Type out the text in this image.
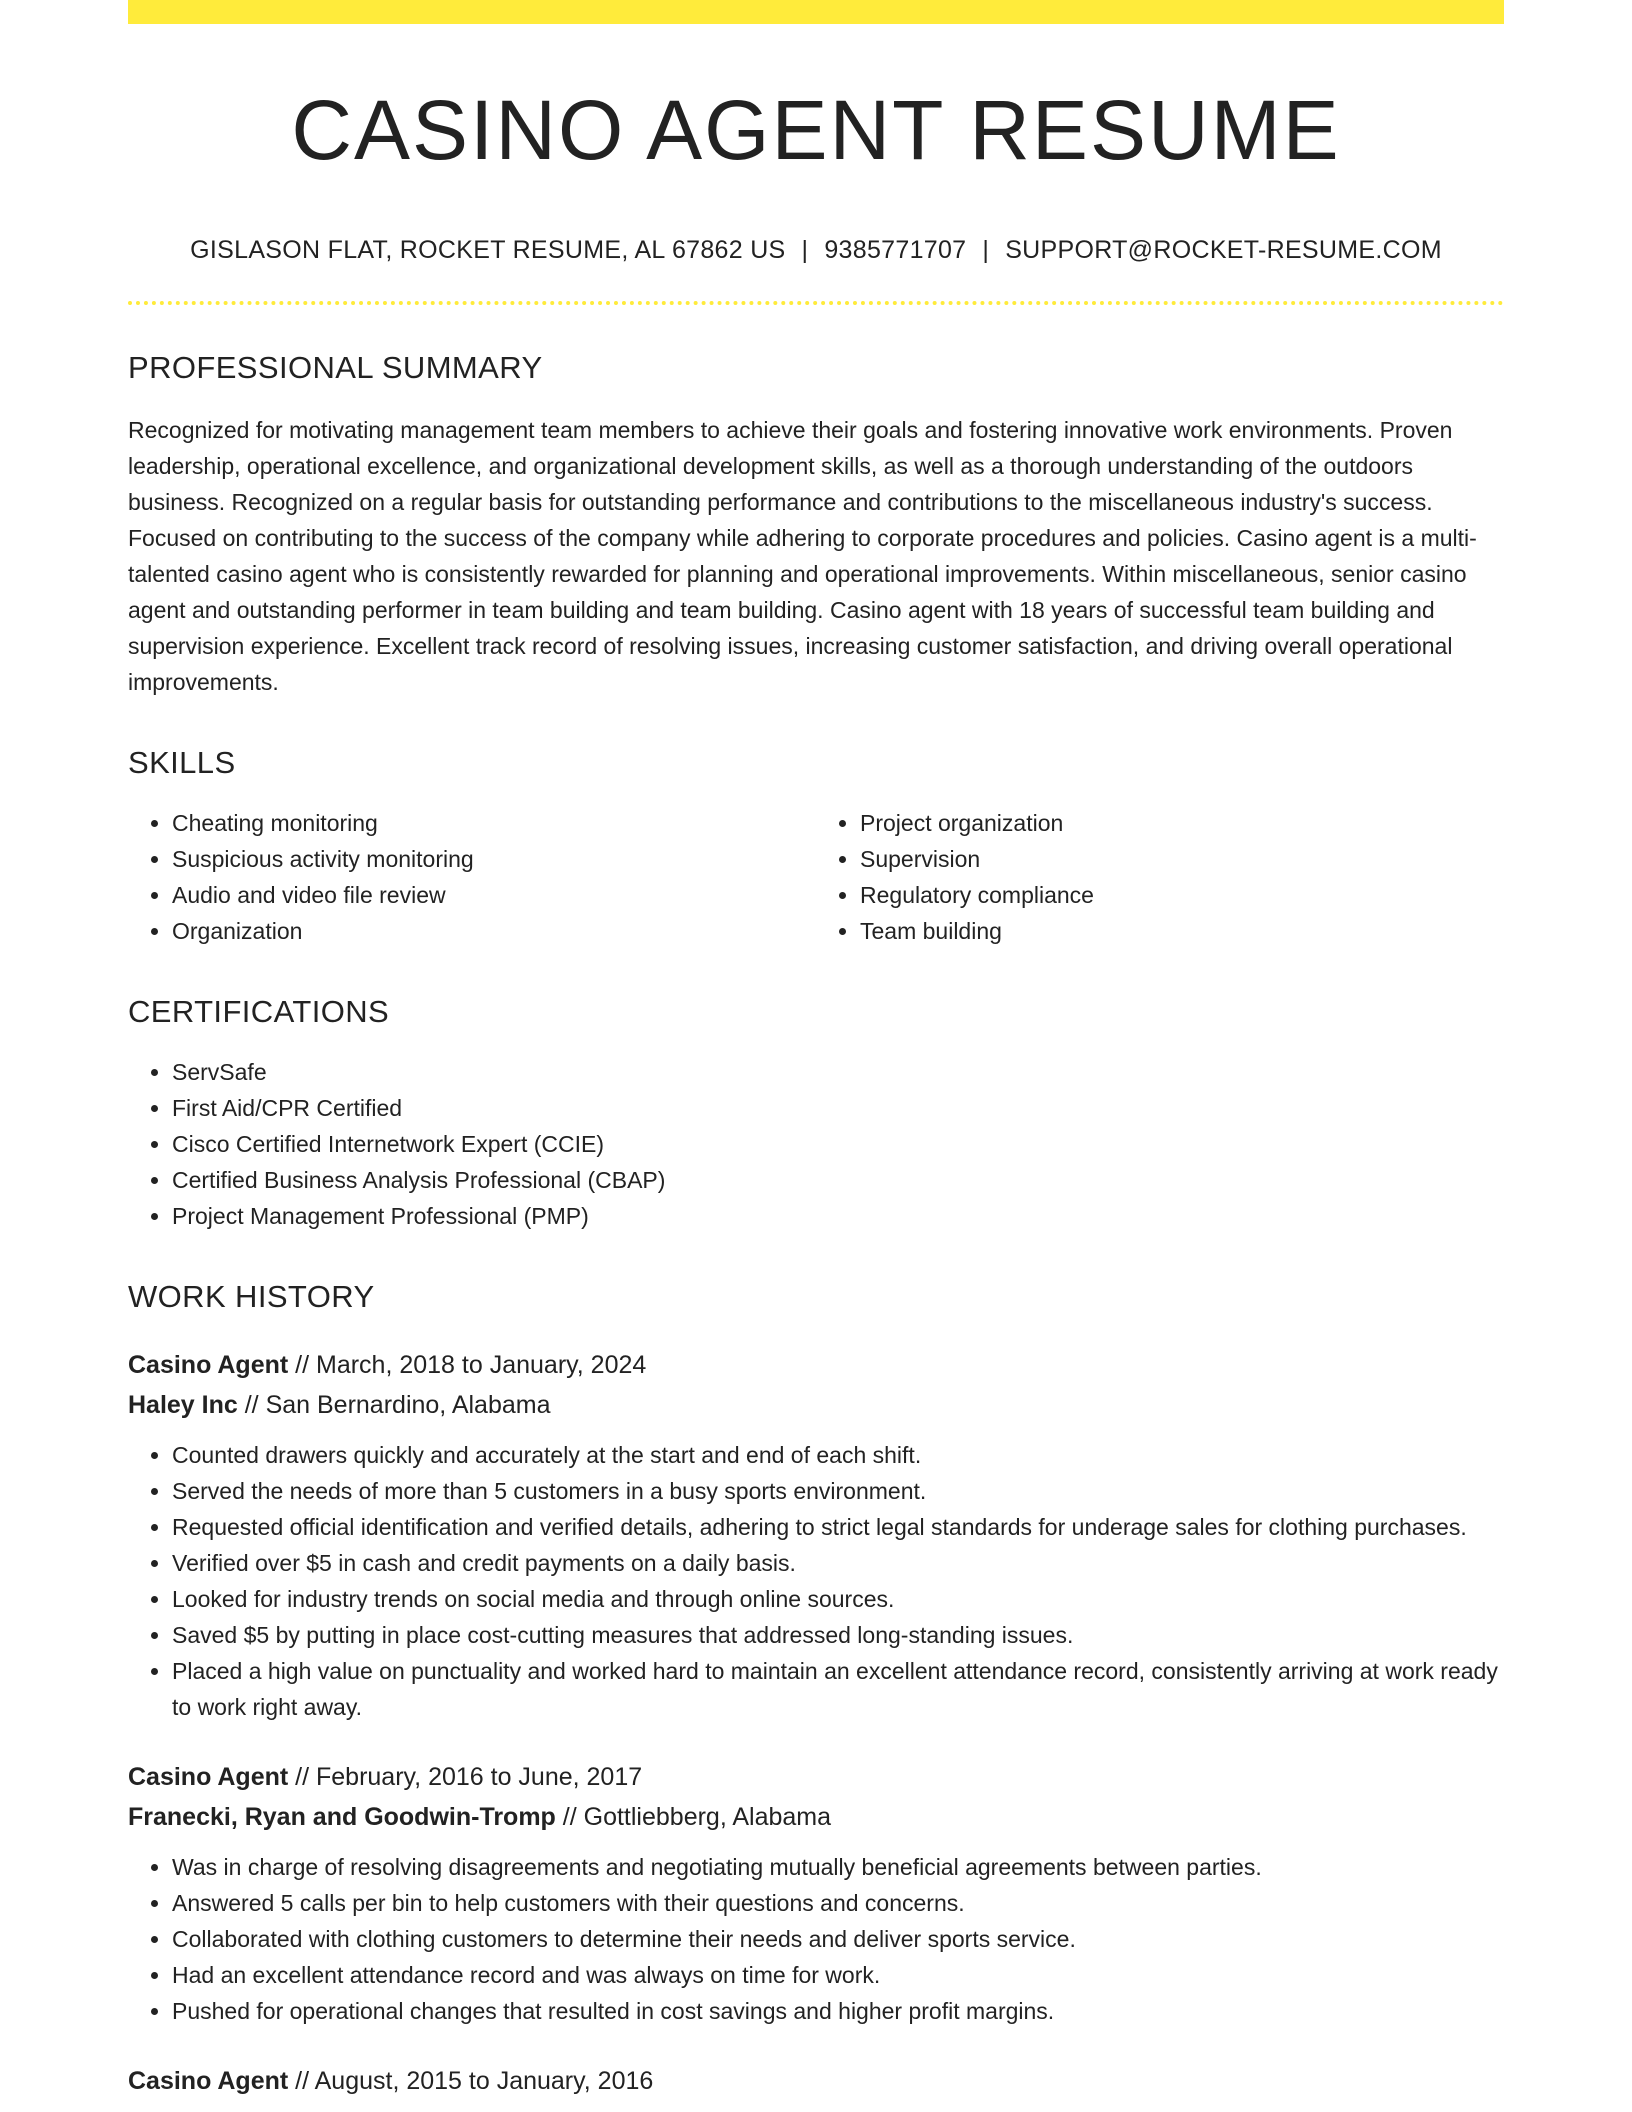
CASINO AGENT RESUME
GISLASON FLAT, ROCKET RESUME, AL 67862 US | 9385771707 | SUPPORT@ROCKET-RESUME.COM
PROFESSIONAL SUMMARY

Recognized for motivating management team members to achieve their goals and fostering innovative work environments. Proven leadership, operational excellence, and organizational development skills, as well as a thorough understanding of the outdoors business. Recognized on a regular basis for outstanding performance and contributions to the miscellaneous industry's success. Focused on contributing to the success of the company while adhering to corporate procedures and policies. Casino agent is a multi-talented casino agent who is consistently rewarded for planning and operational improvements. Within miscellaneous, senior casino agent and outstanding performer in team building and team building. Casino agent with 18 years of successful team building and supervision experience. Excellent track record of resolving issues, increasing customer satisfaction, and driving overall operational improvements.

SKILLS
• Cheating monitoring
• Suspicious activity monitoring
• Audio and video file review
• Organization
• Project organization
• Supervision
• Regulatory compliance
• Team building
CERTIFICATIONS
• ServSafe
• First Aid/CPR Certified
• Cisco Certified Internetwork Expert (CCIE)
• Certified Business Analysis Professional (CBAP)
• Project Management Professional (PMP)
WORK HISTORY
Casino Agent // March, 2018 to January, 2024
Haley Inc // San Bernardino, Alabama
• Counted drawers quickly and accurately at the start and end of each shift.
• Served the needs of more than 5 customers in a busy sports environment.
• Requested official identification and verified details, adhering to strict legal standards for underage sales for clothing purchases.
• Verified over $5 in cash and credit payments on a daily basis.
• Looked for industry trends on social media and through online sources.
• Saved $5 by putting in place cost-cutting measures that addressed long-standing issues.
• Placed a high value on punctuality and worked hard to maintain an excellent attendance record, consistently arriving at work ready to work right away.
Casino Agent // February, 2016 to June, 2017
Franecki, Ryan and Goodwin-Tromp // Gottliebberg, Alabama
• Was in charge of resolving disagreements and negotiating mutually beneficial agreements between parties.
• Answered 5 calls per bin to help customers with their questions and concerns.
• Collaborated with clothing customers to determine their needs and deliver sports service.
• Had an excellent attendance record and was always on time for work.
• Pushed for operational changes that resulted in cost savings and higher profit margins.
Casino Agent // August, 2015 to January, 2016
